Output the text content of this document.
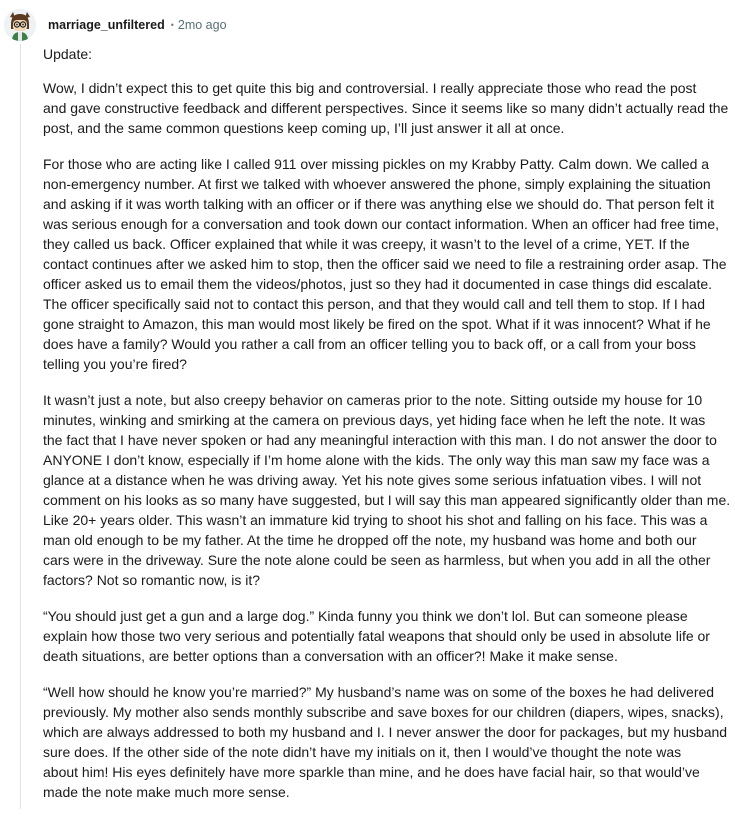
marriage_unfiltered • 2mo ago

Update:

Wow, I didn’t expect this to get quite this big and controversial. I really appreciate those who read the post
and gave constructive feedback and different perspectives. Since it seems like so many didn’t actually read the
post, and the same common questions keep coming up, I’ll just answer it all at once.

For those who are acting like I called 911 over missing pickles on my Krabby Patty. Calm down. We called a
non-emergency number. At first we talked with whoever answered the phone, simply explaining the situation
and asking if it was worth talking with an officer or if there was anything else we should do. That person felt it
was serious enough for a conversation and took down our contact information. When an officer had free time,
they called us back. Officer explained that while it was creepy, it wasn’t to the level of a crime, YET. If the
contact continues after we asked him to stop, then the officer said we need to file a restraining order asap. The
officer asked us to email them the videos/photos, just so they had it documented in case things did escalate.
The officer specifically said not to contact this person, and that they would call and tell them to stop. If I had
gone straight to Amazon, this man would most likely be fired on the spot. What if it was innocent? What if he
does have a family? Would you rather a call from an officer telling you to back off, or a call from your boss
telling you you’re fired?

It wasn’t just a note, but also creepy behavior on cameras prior to the note. Sitting outside my house for 10
minutes, winking and smirking at the camera on previous days, yet hiding face when he left the note. It was
the fact that I have never spoken or had any meaningful interaction with this man. I do not answer the door to
ANYONE I don’t know, especially if I’m home alone with the kids. The only way this man saw my face was a
glance at a distance when he was driving away. Yet his note gives some serious infatuation vibes. I will not
comment on his looks as so many have suggested, but I will say this man appeared significantly older than me.
Like 20+ years older. This wasn’t an immature kid trying to shoot his shot and falling on his face. This was a
man old enough to be my father. At the time he dropped off the note, my husband was home and both our
cars were in the driveway. Sure the note alone could be seen as harmless, but when you add in all the other
factors? Not so romantic now, is it?

“You should just get a gun and a large dog.” Kinda funny you think we don’t lol. But can someone please
explain how those two very serious and potentially fatal weapons that should only be used in absolute life or
death situations, are better options than a conversation with an officer?! Make it make sense.

“Well how should he know you’re married?” My husband’s name was on some of the boxes he had delivered
previously. My mother also sends monthly subscribe and save boxes for our children (diapers, wipes, snacks),
which are always addressed to both my husband and I. I never answer the door for packages, but my husband
sure does. If the other side of the note didn’t have my initials on it, then I would’ve thought the note was
about him! His eyes definitely have more sparkle than mine, and he does have facial hair, so that would’ve
made the note make much more sense.
